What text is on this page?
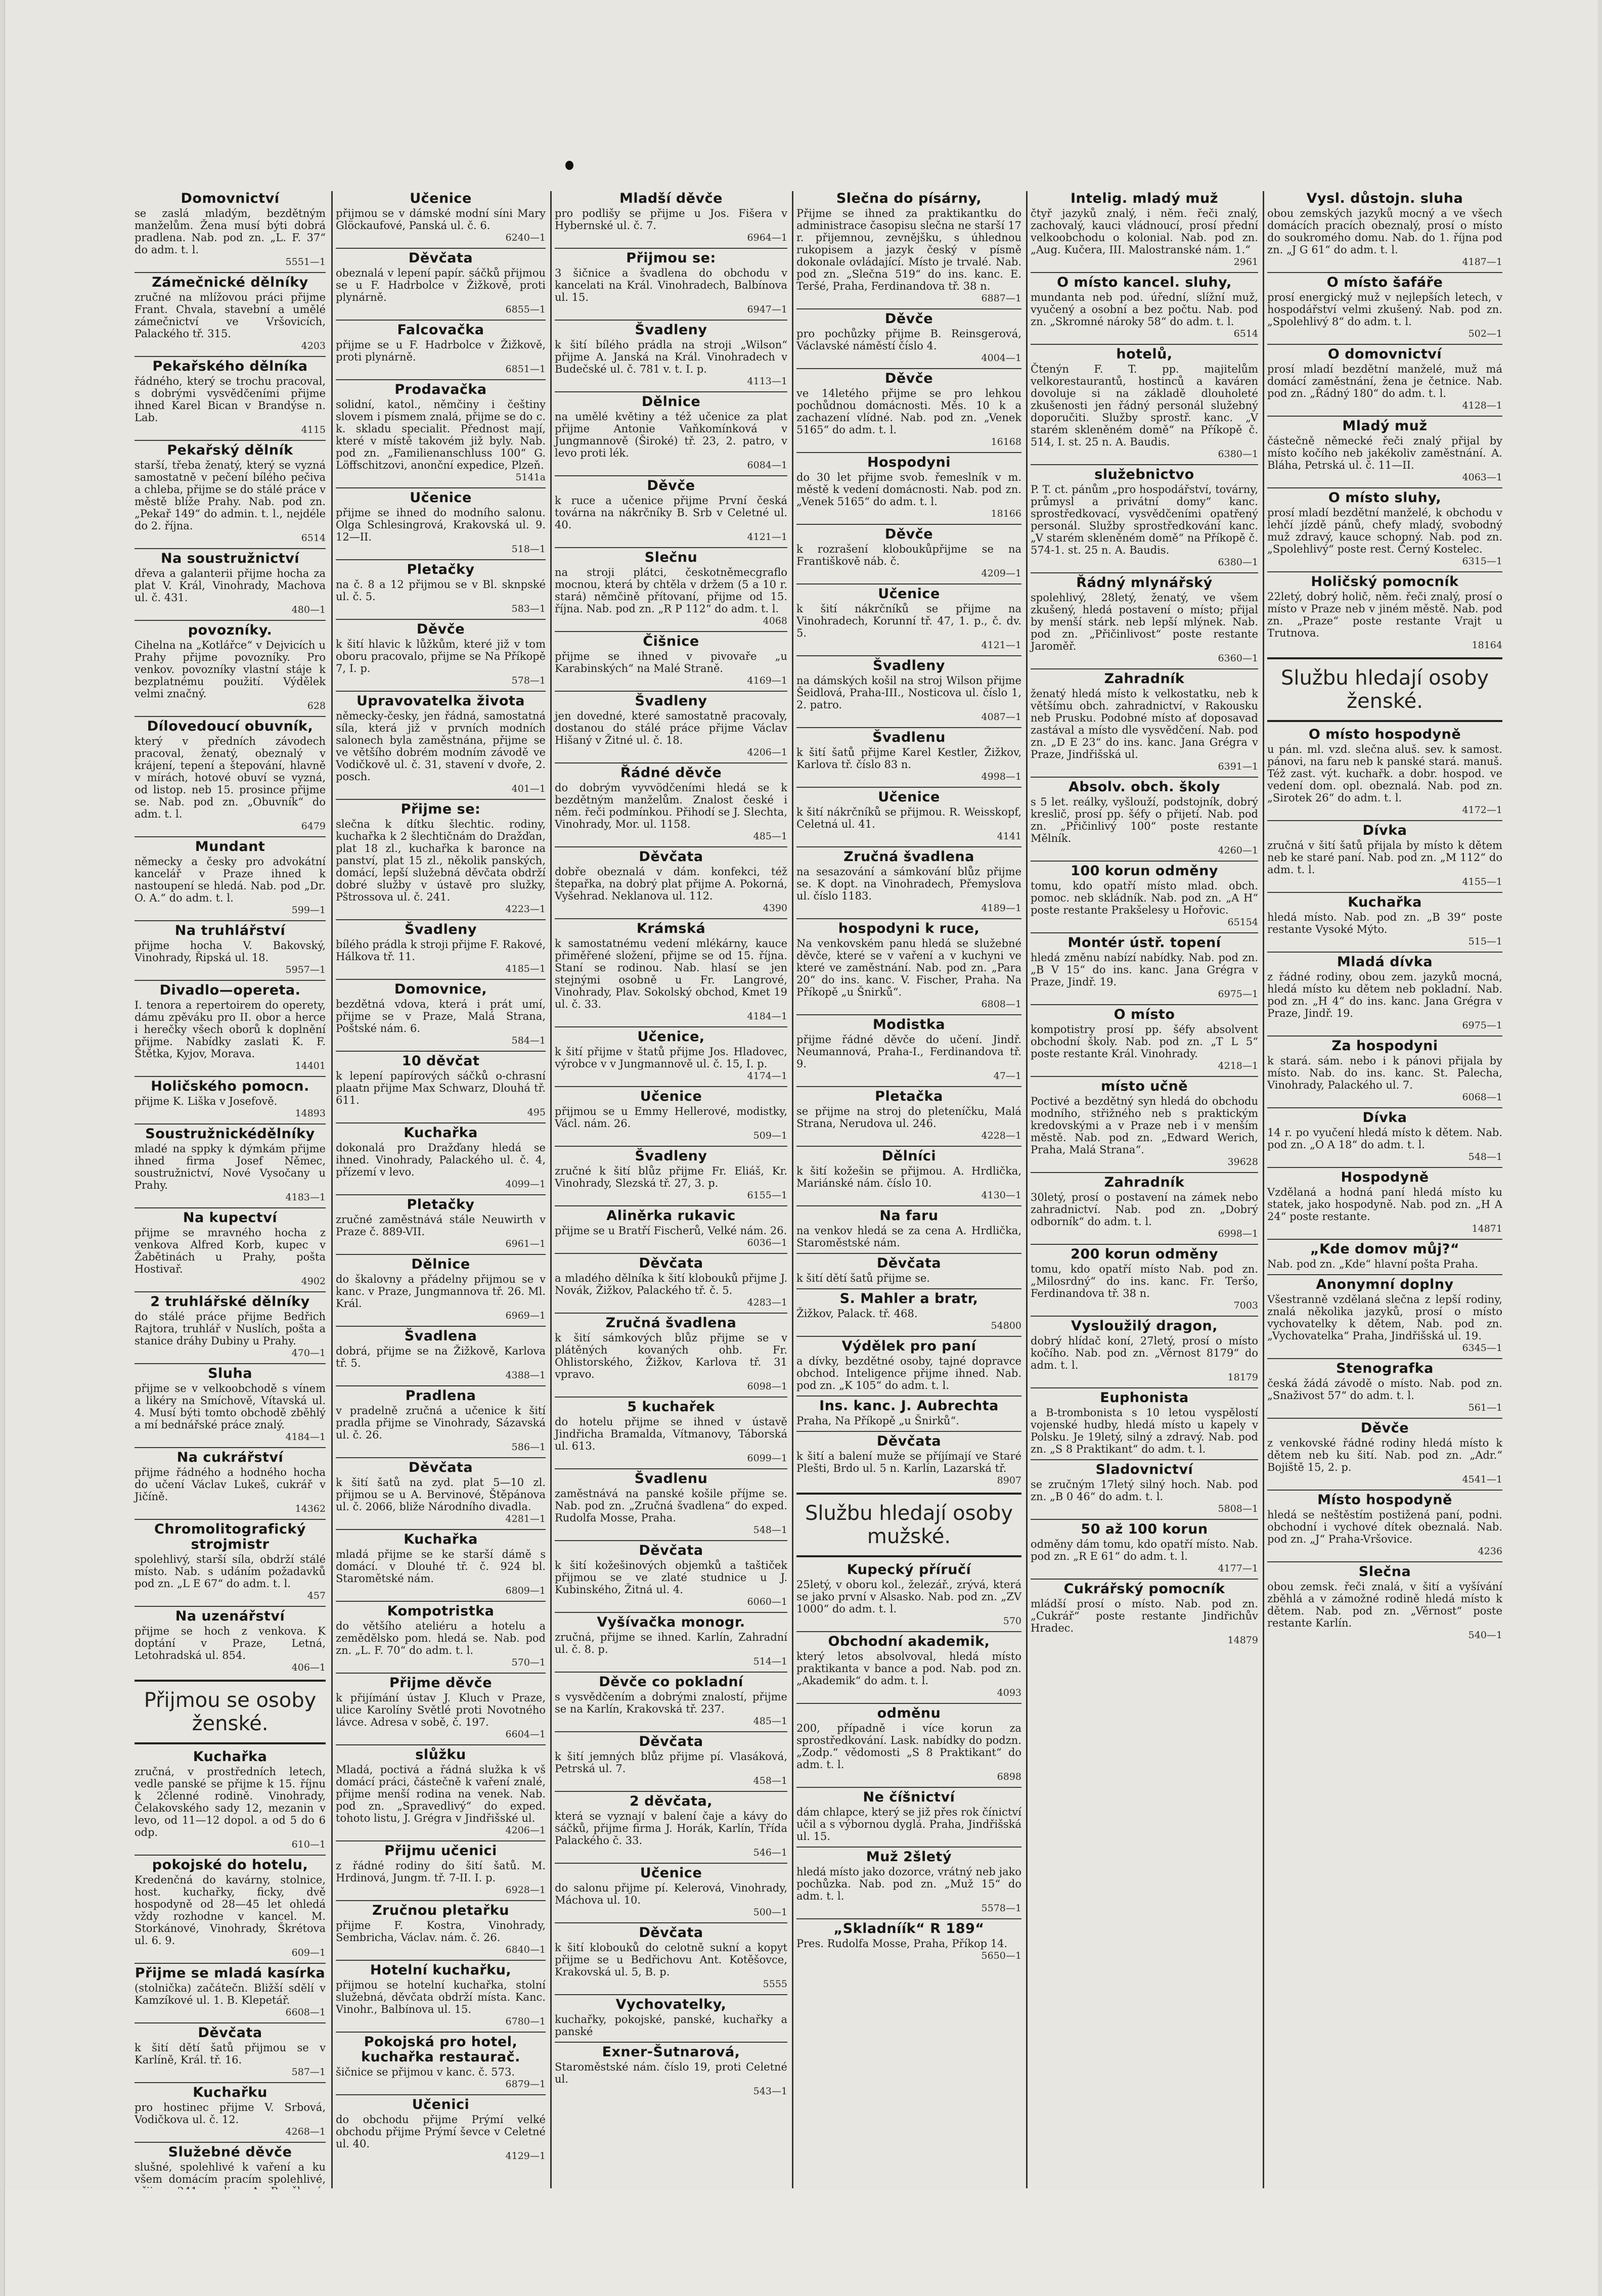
Domovnictví
se zaslá mladým, bezdětným manželům. Žena musí býti dobrá pradlena. Nab. pod zn. „L. F. 37“ do adm. t. l.
5551—1
Zámečnické dělníky
zručné na mlížovou práci přijme Frant. Chvala, stavební a umělé zámečnictví ve Vršovicích, Palackého tř. 315.
4203
Pekařského dělníka
řádného, který se trochu pracoval, s dobrými vysvědčeními přijme ihned Karel Bican v Brandýse n. Lab.
4115
Pekařský dělník
starší, třeba ženatý, který se vyzná samostatně v pečení bílého pečiva a chleba, přijme se do stálé práce v městě blíže Prahy. Nab. pod zn. „Pekař 149“ do admin. t. l., nejdéle do 2. října.
6514
Na soustružnictví
dřeva a galanterii přijme hocha za plat V. Král, Vinohrady, Machova ul. č. 431.
480—1
povozníky.
Cihelna na „Kotlářce“ v Dejvicích u Prahy přijme povozníky. Pro venkov. povozníky vlastní stáje k bezplatnému použití. Výdělek velmi značný.
628
Dílovedoucí obuvník,
který v předních závodech pracoval, ženatý, obeznalý v krájení, tepení a štepování, hlavně v mírách, hotové obuví se vyzná, od listop. neb 15. prosince přijme se. Nab. pod zn. „Obuvník“ do adm. t. l.
6479
Mundant
německy a česky pro advokátní kancelář v Praze ihned k nastoupení se hledá. Nab. pod „Dr. O. A.“ do adm. t. l.
599—1
Na truhlářství
přijme hocha V. Bakovský, Vinohrady, Řipská ul. 18.
5957—1
Divadlo—opereta.
I. tenora a repertoirem do operety, dámu zpěváku pro II. obor a herce i herečky všech oborů k doplnění přijme. Nabídky zaslati K. F. Štětka, Kyjov, Morava.
14401
Holičského pomocn.
přijme K. Liška v Josefově.
14893
Soustružnickédělníky
mladé na sppky k dýmkám přijme ihned firma Josef Němec, soustružnictví, Nové Vysočany u Prahy.
4183—1
Na kupectví
přijme se mravného hocha z venkova Alfred Korb, kupec v Žabětinách u Prahy, pošta Hostivař.
4902
2 truhlářské dělníky
do stálé práce přijme Bedřich Rajtora, truhlář v Nuslích, pošta a stanice dráhy Dubiny u Prahy.
470—1
Sluha
přijme se v velkoobchodě s vínem a likéry na Smíchově, Vítavská ul. 4. Musí býti tomto obchodě zběhlý a mí bednářské práce znalý.
4184—1
Na cukrářství
přijme řádného a hodného hocha do učení Václav Lukeš, cukrář v Jičíně.
14362
Chromolitografický strojmistr
spolehlivý, starší síla, obdrží stálé místo. Nab. s udáním požadavků pod zn. „L E 67“ do adm. t. l.
457
Na uzenářství
přijme se hoch z venkova. K doptání v Praze, Letná, Letohradská ul. 854.
406—1
Přijmou se osoby ženské.
Kuchařka
zručná, v prostředních letech, vedle panské se přijme k 15. říjnu k 2členné rodině. Vinohrady, Čelakovského sady 12, mezanin v levo, od 11—12 dopol. a od 5 do 6 odp.
610—1
pokojské do hotelu,
Kredenčná do kavárny, stolnice, host. kuchařky, ficky, dvě hospodyně od 28—45 let ohledá vždy rozhodne v kancel. M. Storkánové, Vinohrady, Škrétova ul. 6. 9.
609—1
Přijme se mladá kasírka
(stolnička) začátečn. Bližší sdělí v Kamzíkové ul. 1. B. Klepetář.
6608—1
Děvčata
k šití dětí šatů přijmou se v Karlíně, Král. tř. 16.
587—1
Kuchařku
pro hostinec přijme V. Srbová, Vodičkova ul. č. 12.
4268—1
Služebné děvče
slušné, spolehlivé k vaření a ku všem domácím pracím spolehlivé,
Učenice
přijmou se v dámské modní síni Mary Glöckaufové, Panská ul. č. 6.
6240—1
Děvčata
obeznalá v lepení papír. sáčků přijmou se u F. Hadrbolce v Žižkově, proti plynárně.
6855—1
Falcovačka
přijme se u F. Hadrbolce v Žižkově, proti plynárně.
6851—1
Prodavačka
solidní, katol., němčiny i češtiny slovem i písmem znalá, přijme se do c. k. skladu specialit. Přednost mají, které v místě takovém již byly. Nab. pod zn. „Familienanschluss 100“ G. Löffschitzovi, anonční expedice, Plzeň.
5141a
Učenice
přijme se ihned do modního salonu. Olga Schlesingrová, Krakovská ul. 9. 12—II.
518—1
Pletačky
na č. 8 a 12 přijmou se v Bl. sknpské ul. č. 5.
583—1
Děvče
k šití hlavic k lůžkům, které již v tom oboru pracovalo, přijme se Na Příkopě 7, I. p.
578—1
Upravovatelka života
německy-česky, jen řádná, samostatná síla, která již v prvních modních salonech byla zaměstnána, přijme se ve většího dobrém modním závodě ve Vodičkově ul. č. 31, stavení v dvoře, 2. posch.
401—1
Přijme se:
slečna k dítku šlechtic. rodiny, kuchařka k 2 šlechtičnám do Dražďan, plat 18 zl., kuchařka k baronce na panství, plat 15 zl., několik panských, domácí, lepší služebná děvčata obdrží dobré služby v ústavě pro služky, Pštrossova ul. č. 241.
4223—1
Švadleny
bílého prádla k stroji přijme F. Rakové, Hálkova tř. 11.
4185—1
Domovnice,
bezdětná vdova, která i prát umí, přijme se v Praze, Malá Strana, Poštské nám. 6.
584—1
10 děvčat
k lepení papírových sáčků o-chrasní plaatn přijme Max Schwarz, Dlouhá tř. 611.
495
Kuchařka
dokonalá pro Dražďany hledá se ihned. Vinohrady, Palackého ul. č. 4, přízemí v levo.
4099—1
Pletačky
zručné zaměstnává stále Neuwirth v Praze č. 889-VII.
6961—1
Dělnice
do škalovny a přádelny přijmou se v kanc. v Praze, Jungmannova tř. 26. Ml. Král.
6969—1
Švadlena
dobrá, přijme se na Žižkově, Karlova tř. 5.
4388—1
Pradlena
v pradelně zručná a učenice k šití pradla přijme se Vinohrady, Sázavská ul. č. 26.
586—1
Děvčata
k šití šatů na zyd. plat 5—10 zl. přijmou se u A. Bervinové, Štěpánova ul. č. 2066, bliže Národního divadla.
4281—1
Kuchařka
mladá přijme se ke starší dámě s domácí. v Dlouhé tř. č. 924 bl. Staromětské nám.
6809—1
Kompotristka
do většího ateliéru a hotelu a zemědělsko pom. hledá se. Nab. pod zn. „L. F. 70“ do adm. t. l.
570—1
Přijme děvče
k přijímání ústav J. Kluch v Praze, ulice Karolíny Světlé proti Novotného lávce. Adresa v sobě, č. 197.
6604—1
slůžku
Mladá, poctivá a řádná služka k vš domácí práci, částečně k vaření znalé, přijme menší rodina na venek. Nab. pod zn. „Spravedlivý“ do exped. tohoto listu, J. Grégra v Jindřišské ul.
4206—1
Přijmu učenici
z řádné rodiny do šití šatů. M. Hrdinová, Jungm. tř. 7-II. I. p.
6928—1
Zručnou pletařku
přijme F. Kostra, Vinohrady, Sembricha, Václav. nám. č. 26.
6840—1
Hotelní kuchařku,
přijmou se hotelní kuchařka, stolní služebná, děvčata obdrží místa. Kanc. Vinohr., Balbínova ul. 15.
6780—1
Pokojská pro hotel, kuchařka restaurač.
šičnice se přijmou v kanc. č. 573.
6879—1
Učenici
do obchodu přijme Prýmí velké obchodu přijme Prýmí ševce v Celetné ul. 40.
4129—1
Mladší děvče
pro podlišy se přijme u Jos. Fišera v Hybernské ul. č. 7.
6964—1
Přijmou se:
3 šičnice a švadlena do obchodu v kancelati na Král. Vinohradech, Balbínova ul. 15.
6947—1
Švadleny
k šití bílého prádla na stroji „Wilson“ přijme A. Janská na Král. Vinohradech v Budečské ul. č. 781 v. t. I. p.
4113—1
Dělnice
na umělé květiny a též učenice za plat přijme Antonie Vaňkomínková v Jungmannově (Široké) tř. 23, 2. patro, v levo proti lék.
6084—1
Děvče
k ruce a učenice přijme První česká továrna na nákrčníky B. Srb v Celetné ul. 40.
4121—1
Slečnu
na stroji plátci, českotněmecgraflo mocnou, která by chtěla v držem (5 a 10 r. stará) němčině přítovaní, přijme od 15. října. Nab. pod zn. „R P 112“ do adm. t. l.
4068
Čišnice
přijme se ihned v pivovaře „u Karabinských“ na Malé Straně.
4169—1
Švadleny
jen dovedné, které samostatně pracovaly, dostanou do stálé práce přijme Václav Hišaný v Žitné ul. č. 18.
4206—1
Řádné děvče
do dobrým vyvvödčeními hledá se k bezdětným manželům. Znalost české i něm. řeči podmínkou. Přihodí se J. Slechta, Vinohrady, Mor. ul. 1158.
485—1
Děvčata
dobře obeznalá v dám. konfekci, též štepařka, na dobrý plat přijme A. Pokorná, Vyšehrad. Neklanova ul. 112.
4390
Krámská
k samostatnému vedení mlékárny, kauce přiměřené složení, přijme se od 15. října. Staní se rodinou. Nab. hlasí se jen stejnými osobně u Fr. Langrové, Vinohrady, Plav. Sokolský obchod, Kmet 19 ul. č. 33.
4184—1
Učenice,
k šití přijme v štatů přijme Jos. Hladovec, výrobce v v Jungmannově ul. č. 15, I. p.
4174—1
Učenice
přijmou se u Emmy Hellerové, modistky, Václ. nám. 26.
509—1
Švadleny
zručné k šití blůz přijme Fr. Eliáš, Kr. Vinohrady, Slezská tř. 27, 3. p.
6155—1
Aliněrka rukavic
přijme se u Bratří Fischerů, Velké nám. 26.
6036—1
Děvčata
a mladého dělníka k šití klobouků přijme J. Novák, Žižkov, Palackého tř. č. 5.
4283—1
Zručná švadlena
k šití sámkových blůz přijme se v plátěných kovaných ohb. Fr. Ohlistorského, Žižkov, Karlova tř. 31 vpravo.
6098—1
5 kuchařek
do hotelu přijme se ihned v ústavě Jindřicha Bramalda, Vítmanovy, Táborská ul. 613.
6099—1
Švadlenu
zaměstnává na panské košile příjme se. Nab. pod zn. „Zručná švadlena“ do exped. Rudolfa Mosse, Praha.
548—1
Děvčata
k šití kožešinových objemků a taštiček přijmou se ve zlaté studnice u J. Kubinského, Žitná ul. 4.
6060—1
Vyšívačka monogr.
zručná, přijme se ihned. Karlín, Zahradní ul. č. 8. p.
514—1
Děvče co pokladní
s vysvědčením a dobrými znalostí, přijme se na Karlín, Krakovská tř. 237.
485—1
Děvčata
k šití jemných blůz přijme pí. Vlasáková, Petrská ul. 7.
458—1
2 děvčata,
která se vyznají v balení čaje a kávy do sáčků, přijme firma J. Horák, Karlín, Třída Palackého č. 33.
546—1
Učenice
do salonu přijme pí. Kelerová, Vinohrady, Máchova ul. 10.
500—1
Děvčata
k šití klobouků do celotně sukní a kopyt přijme se u Bedřichovu Ant. Kotěšovce, Krakovská ul. 5, B. p.
5555
Vychovatelky,
kuchařky, pokojské, panské, kuchařky a panské
Exner-Šutnarová,
Staroměstské nám. číslo 19, proti Celetné ul.
543—1
Slečna do písárny,
Přijme se ihned za praktikantku do administrace časopisu slečna ne starší 17 r. přijemnou, zevnějšku, s úhlednou rukopisem a jazyk český v písmě dokonale ovládající. Místo je trvalé. Nab. pod zn. „Slečna 519“ do ins. kanc. E. Teršé, Praha, Ferdinandova tř. 38 n.
6887—1
Děvče
pro pochůzky přijme B. Reinsgerová, Václavské náměstí číslo 4.
4004—1
Děvče
ve 14letého přijme se pro lehkou pochůdnou domácnosti. Měs. 10 k a zachazení vlídné. Nab. pod zn. „Venek 5165“ do adm. t. l.
16168
Hospodyni
do 30 let přijme svob. řemeslník v m. městě k vedení domácnosti. Nab. pod zn. „Venek 5165“ do adm. t. l.
18166
Děvče
k rozrašení kloboukůpřijme se na Františkově náb. č.
4209—1
Učenice
k šití nákrčníků se přijme na Vinohradech, Korunní tř. 47, 1. p., č. dv. 5.
4121—1
Švadleny
na dámských košil na stroj Wilson přijme Šeidlová, Praha-III., Nosticova ul. číslo 1, 2. patro.
4087—1
Švadlenu
k šití šatů přijme Karel Kestler, Žižkov, Karlova tř. číslo 83 n.
4998—1
Učenice
k šití nákrčníků se přijmou. R. Weisskopf, Celetná ul. 41.
4141
Zručná švadlena
na sesazování a sámkování blůz přijme se. K dopt. na Vinohradech, Přemyslova ul. číslo 1183.
4189—1
hospodyni k ruce,
Na venkovském panu hledá se služebné děvče, které se v vaření a v kuchyni ve které ve zaměstnání. Nab. pod zn. „Para 20“ do ins. kanc. V. Fischer, Praha. Na Příkopě „u Šnirků“.
6808—1
Modistka
přijme řádné děvče do učení. Jindř. Neumannová, Praha-I., Ferdinandova tř. 9.
47—1
Pletačka
se přijme na stroj do pleteníčku, Malá Strana, Nerudova ul. 246.
4228—1
Dělníci
k šití kožešin se přijmou. A. Hrdlička, Mariánské nám. číslo 10.
4130—1
Na faru
na venkov hledá se za cena A. Hrdlička, Staroměstské nám.
Děvčata
k šití dětí šatů přijme se.
S. Mahler a bratr,
Žižkov, Palack. tř. 468.
54800
Výdělek pro paní
a dívky, bezdětné osoby, tajné dopravce obchod. Inteligence přijme ihned. Nab. pod zn. „K 105“ do adm. t. l.
Ins. kanc. J. Aubrechta
Praha, Na Příkopě „u Šnirků“.
Děvčata
k šití a balení muže se příjímají ve Staré Plešti, Brdo ul. 5 n. Karlín, Lazarská tř.
8907
Službu hledají osoby mužské.
Kupecký příručí
25letý, v oboru kol., železář., zrývá, která se jako první v Alsasko. Nab. pod zn. „ZV 1000“ do adm. t. l.
570
Obchodní akademik,
který letos absolvoval, hledá místo praktikanta v bance a pod. Nab. pod zn. „Akademik“ do adm. t. l.
4093
odměnu
200, případně i více korun za sprostředkování. Lask. nabídky do podzn. „Zodp.“ vědomosti „S 8 Praktikant“ do adm. t. l.
6898
Ne číšnictví
dám chlapce, který se již přes rok čínictví učil a s výbornou dyglá. Praha, Jindřišská ul. 15.
Muž 2šletý
hledá místo jako dozorce, vrátný neb jako pochůzka. Nab. pod zn. „Muž 15“ do adm. t. l.
5578—1
„Skladníík“ R 189“
Pres. Rudolfa Mosse, Praha, Příkop 14.
5650—1
Intelig. mladý muž
čtyř jazyků znalý, i něm. řeči znalý, zachovalý, kauci vládnoucí, prosí přední velkoobchodu o kolonial. Nab. pod zn. „Aug. Kučera, III. Malostranské nám. 1.“
2961
O místo kancel. sluhy,
mundanta neb pod. úřední, slížní muž, vyučený a osobní a bez počtu. Nab. pod zn. „Skromné nároky 58“ do adm. t. l.
6514
hotelů,
Čtenýn F. T. pp. majitelům velkorestaurantů, hostinců a kaváren dovoluje si na základě dlouholeté zkušenosti jen řádný personál služebný doporučiti. Služby sprostř. kanc. „V starém skleněném domě“ na Příkopě č. 514, I. st. 25 n. A. Baudis.
6380—1
služebnictvo
P. T. ct. pánům „pro hospodářství, továrny, průmysl a privátní domy“ kanc. sprostředkovací, vysvědčeními opatřený personál. Služby sprostředkování kanc. „V starém skleněném domě“ na Příkopě č. 574-1. st. 25 n. A. Baudis.
6380—1
Řádný mlynářský
spolehlivý, 28letý, ženatý, ve všem zkušený, hledá postavení o místo; přijal by menší stárk. neb lepší mlýnek. Nab. pod zn. „Přičinlivost“ poste restante Jaroměř.
6360—1
Zahradník
ženatý hledá místo k velkostatku, neb k většímu obch. zahradnictví, v Rakousku neb Prusku. Podobné místo ať doposavad zastával a místo dle vysvědčení. Nab. pod zn. „D E 23“ do ins. kanc. Jana Grégra v Praze, Jindřišská ul.
6391—1
Absolv. obch. školy
s 5 let. reálky, vyšlouží, podstojník, dobrý kreslič, prosí pp. šéfy o přijetí. Nab. pod zn. „Přičinlivý 100“ poste restante Mělník.
4260—1
100 korun odměny
tomu, kdo opatří místo mlad. obch. pomoc. neb skládník. Nab. pod zn. „A H“ poste restante Prakšelesy u Hořovic.
65154
Montér ústř. topení
hledá změnu nabízí nabídky. Nab. pod zn. „B V 15“ do ins. kanc. Jana Grégra v Praze, Jindř. 19.
6975—1
O místo
kompotistry prosí pp. šéfy absolvent obchodní školy. Nab. pod zn. „T L 5“ poste restante Král. Vinohrady.
4218—1
místo učně
Poctivé a bezdětný syn hledá do obchodu modního, střižného neb s praktickým kredovskými a v Praze neb i v menším městě. Nab. pod zn. „Edward Werich, Praha, Malá Strana“.
39628
Zahradník
30letý, prosí o postavení na zámek nebo zahradnictví. Nab. pod zn. „Dobrý odborník“ do adm. t. l.
6998—1
200 korun odměny
tomu, kdo opatří místo Nab. pod zn. „Milosrdný“ do ins. kanc. Fr. Teršo, Ferdinandova tř. 38 n.
7003
Vysloužilý dragon,
dobrý hlídač koní, 27letý, prosí o místo kočího. Nab. pod zn. „Věrnost 8179“ do adm. t. l.
18179
Euphonista
a B-trombonista s 10 letou vyspělostí vojenské hudby, hledá místo u kapely v Polsku. Je 19letý, silný a zdravý. Nab. pod zn. „S 8 Praktikant“ do adm. t. l.
Sladovnictví
se zručným 17letý silný hoch. Nab. pod zn. „B 0 46“ do adm. t. l.
5808—1
50 až 100 korun
odměny dám tomu, kdo opatří místo. Nab. pod zn. „R E 61“ do adm. t. l.
4177—1
Cukrářský pomocník
mládší prosí o místo. Nab. pod zn. „Cukrář“ poste restante Jindřichův Hradec.
14879
Vysl. důstojn. sluha
obou zemských jazyků mocný a ve všech domácích pracích obeznalý, prosí o místo do soukromého domu. Nab. do 1. října pod zn. „J G 61“ do adm. t. l.
4187—1
O místo šafáře
prosí energický muž v nejlepších letech, v hospodářství velmi zkušený. Nab. pod zn. „Spolehlivý 8“ do adm. t. l.
502—1
O domovnictví
prosí mladí bezdětní manželé, muž má domácí zaměstnání, žena je četnice. Nab. pod zn. „Řádný 180“ do adm. t. l.
4128—1
Mladý muž
částečně německé řeči znalý přijal by místo kočího neb jakékoliv zaměstnání. A. Bláha, Petrská ul. č. 11—II.
4063—1
O místo sluhy,
prosí mladí bezdětní manželé, k obchodu v lehčí jízdě pánů, chefy mladý, svobodný muž zdravý, kauce schopný. Nab. pod zn. „Spolehlivý“ poste rest. Černý Kostelec.
6315—1
Holičský pomocník
22letý, dobrý holič, něm. řeči znalý, prosí o místo v Praze neb v jiném městě. Nab. pod zn. „Praze“ poste restante Vrajt u Trutnova.
18164
Službu hledají osoby ženské.
O místo hospodyně
u pán. ml. vzd. slečna aluš. sev. k samost. pánovi, na faru neb k panské stará. manuš. Též zast. výt. kuchařk. a dobr. hospod. ve vedení dom. opl. obeznalá. Nab. pod zn. „Sirotek 26“ do adm. t. l.
4172—1
Dívka
zručná v šití šatů přijala by místo k dětem neb ke staré paní. Nab. pod zn. „M 112“ do adm. t. l.
4155—1
Kuchařka
hledá místo. Nab. pod zn. „B 39“ poste restante Vysoké Mýto.
515—1
Mladá dívka
z řádné rodiny, obou zem. jazyků mocná, hledá místo ku dětem neb pokladní. Nab. pod zn. „H 4“ do ins. kanc. Jana Grégra v Praze, Jindř. 19.
6975—1
Za hospodyni
k stará. sám. nebo i k pánovi přijala by místo. Nab. do ins. kanc. St. Palecha, Vinohrady, Palackého ul. 7.
6068—1
Dívka
14 r. po vyučení hledá místo k dětem. Nab. pod zn. „O A 18“ do adm. t. l.
548—1
Hospodyně
Vzdělaná a hodná paní hledá místo ku statek, jako hospodyně. Nab. pod zn. „H A 24“ poste restante.
14871
„Kde domov můj?“
Nab. pod zn. „Kde“ hlavní pošta Praha.
Anonymní doplny
Všestranně vzdělaná slečna z lepší rodiny, znalá několika jazyků, prosí o místo vychovatelky k dětem, Nab. pod zn. „Vychovatelka“ Praha, Jindřišská ul. 19.
6345—1
Stenografka
česká žádá závodě o místo. Nab. pod zn. „Snaživost 57“ do adm. t. l.
561—1
Děvče
z venkovské řádné rodiny hledá místo k dětem neb ku šití. Nab. pod zn. „Adr.“ Bojiště 15, 2. p.
4541—1
Místo hospodyně
hledá se neštěstím postižená paní, podni. obchodní i vychové dítek obeznalá. Nab. pod zn. „J“ Praha-Vršovice.
4236
Slečna
obou zemsk. řeči znalá, v šití a vyšívání zběhlá a v zámožné rodině hledá místo k dětem. Nab. pod zn. „Věrnost“ poste restante Karlín.
540—1
